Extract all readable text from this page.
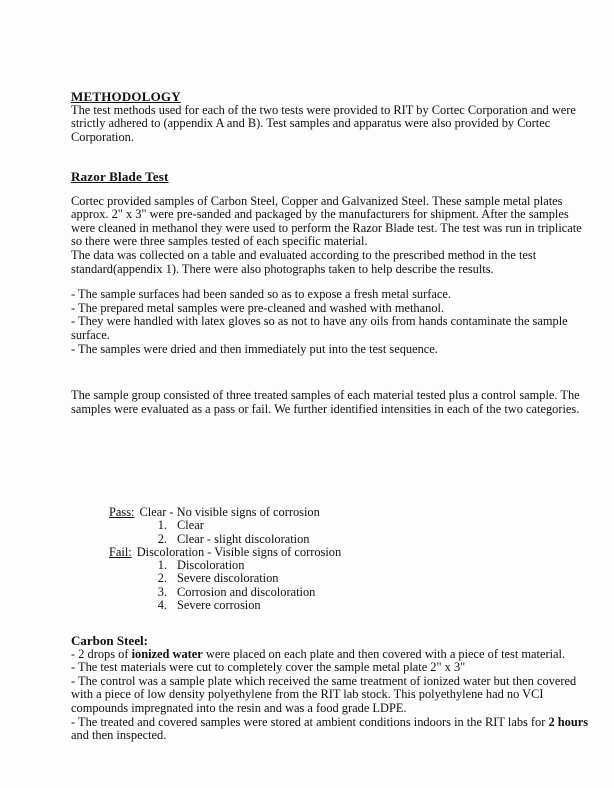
METHODOLOGY

The test methods used for each of the two tests were provided to RIT by Cortec Corporation and were strictly adhered to (appendix A and B). Test samples and apparatus were also provided by Cortec Corporation.

Razor Blade Test

Cortec provided samples of Carbon Steel, Copper and Galvanized Steel. These sample metal plates approx. 2" x 3" were pre-sanded and packaged by the manufacturers for shipment. After the samples were cleaned in methanol they were used to perform the Razor Blade test. The test was run in triplicate so there were three samples tested of each specific material.

The data was collected on a table and evaluated according to the prescribed method in the test standard(appendix 1). There were also photographs taken to help describe the results.

- The sample surfaces had been sanded so as to expose a fresh metal surface.
- The prepared metal samples were pre-cleaned and washed with methanol.
- They were handled with latex gloves so as not to have any oils from hands contaminate the sample surface.
- The samples were dried and then immediately put into the test sequence.

The sample group consisted of three treated samples of each material tested plus a control sample. The samples were evaluated as a pass or fail. We further identified intensities in each of the two categories.

Pass: Clear - No visible signs of corrosion
1. Clear
2. Clear - slight discoloration
Fail: Discoloration - Visible signs of corrosion
1. Discoloration
2. Severe discoloration
3. Corrosion and discoloration
4. Severe corrosion
Carbon Steel:

- 2 drops of ionized water were placed on each plate and then covered with a piece of test material.

- The test materials were cut to completely cover the sample metal plate 2" x 3"

- The control was a sample plate which received the same treatment of ionized water but then covered with a piece of low density polyethylene from the RIT lab stock. This polyethylene had no VCI compounds impregnated into the resin and was a food grade LDPE.

- The treated and covered samples were stored at ambient conditions indoors in the RIT labs for 2 hours and then inspected.
